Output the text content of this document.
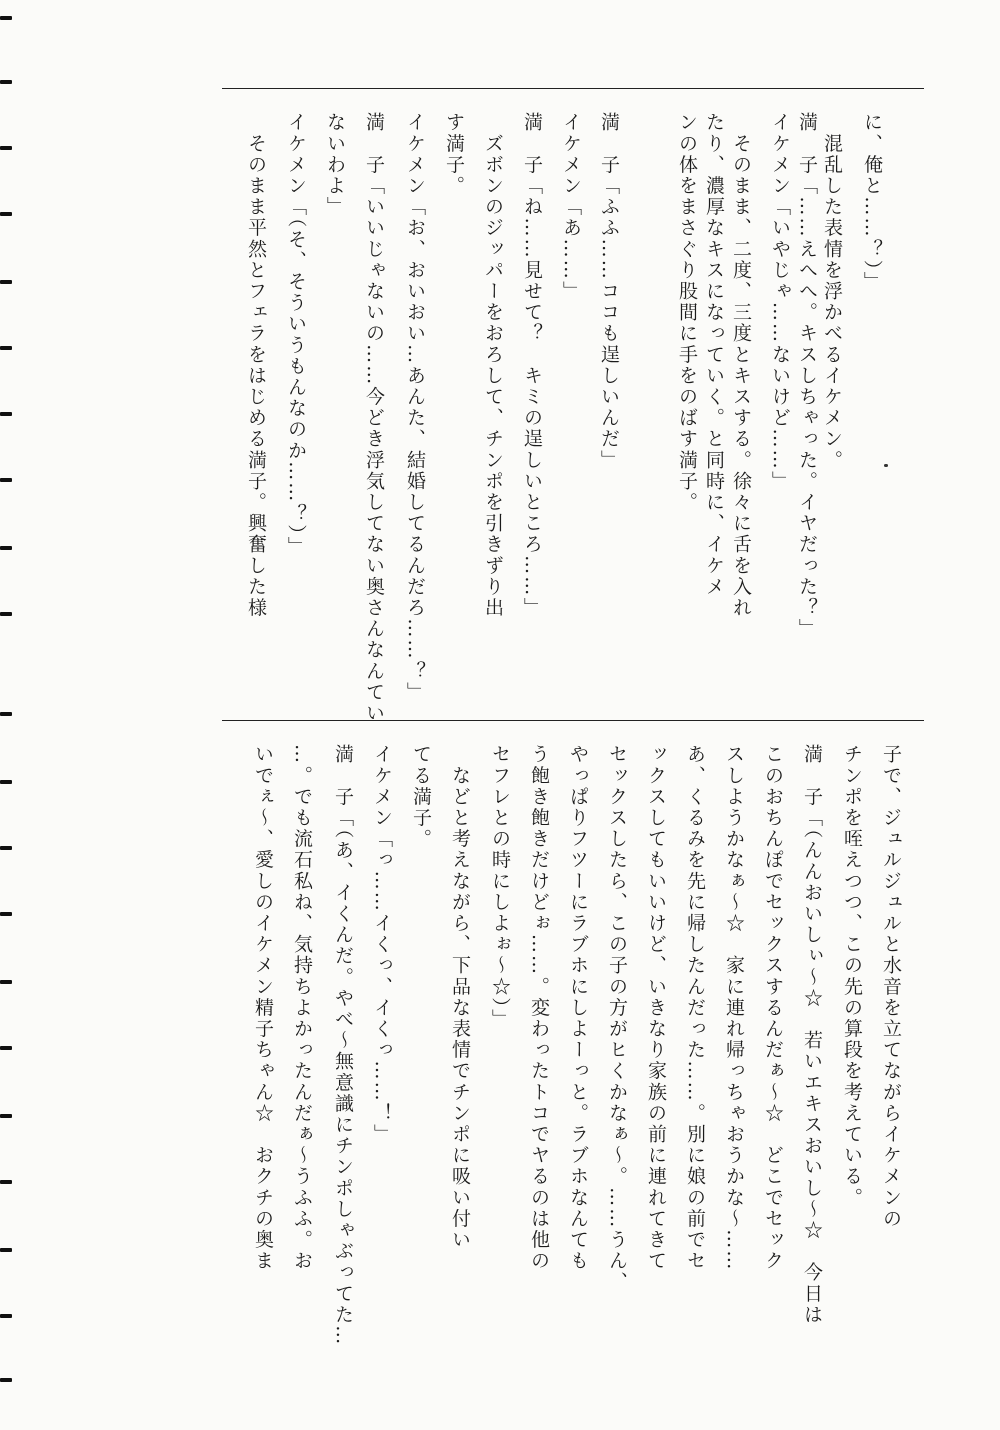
に、俺と……？）」
　混乱した表情を浮かべるイケメン。
満　子「……えへへ。キスしちゃった。イヤだった？」
イケメン「いやじゃ……ないけど……」
　そのまま、二度、三度とキスする。徐々に舌を入れ
たり、濃厚なキスになっていく。と同時に、イケメ
ンの体をまさぐり股間に手をのばす満子。
満　子「ふふ……ココも逞しいんだ」
イケメン「あ……」
満　子「ね……見せて？　キミの逞しいところ……」
　ズボンのジッパーをおろして、チンポを引きずり出
す満子。
イケメン「お、おいおい…あんた、結婚してるんだろ……？」
満　子「いいじゃないの……今どき浮気してない奥さんなんてい
ないわよ」
イケメン「（そ、そういうもんなのか……？）」
　そのまま平然とフェラをはじめる満子。興奮した様
子で、ジュルジュルと水音を立てながらイケメンの
チンポを咥えつつ、この先の算段を考えている。
満　子「（んんおいしぃ～☆　若いエキスおいし～☆　今日は
このおちんぽでセックスするんだぁ～☆　どこでセック
スしようかなぁ～☆　家に連れ帰っちゃおうかな～……
あ、くるみを先に帰したんだった……。別に娘の前でセ
ックスしてもいいけど、いきなり家族の前に連れてきて
セックスしたら、この子の方がヒくかなぁ～。……うん、
やっぱりフツーにラブホにしよーっと。ラブホなんても
う飽き飽きだけどぉ……。変わったトコでヤるのは他の
セフレとの時にしよぉ～☆）」
　などと考えながら、下品な表情でチンポに吸い付い
てる満子。
イケメン「っ……イくっ、イくっ……！」
満　子「（あ、イくんだ。やべ～無意識にチンポしゃぶってた…
…。でも流石私ね、気持ちよかったんだぁ～うふふ。お
いでぇ～、愛しのイケメン精子ちゃん☆　おクチの奥ま
